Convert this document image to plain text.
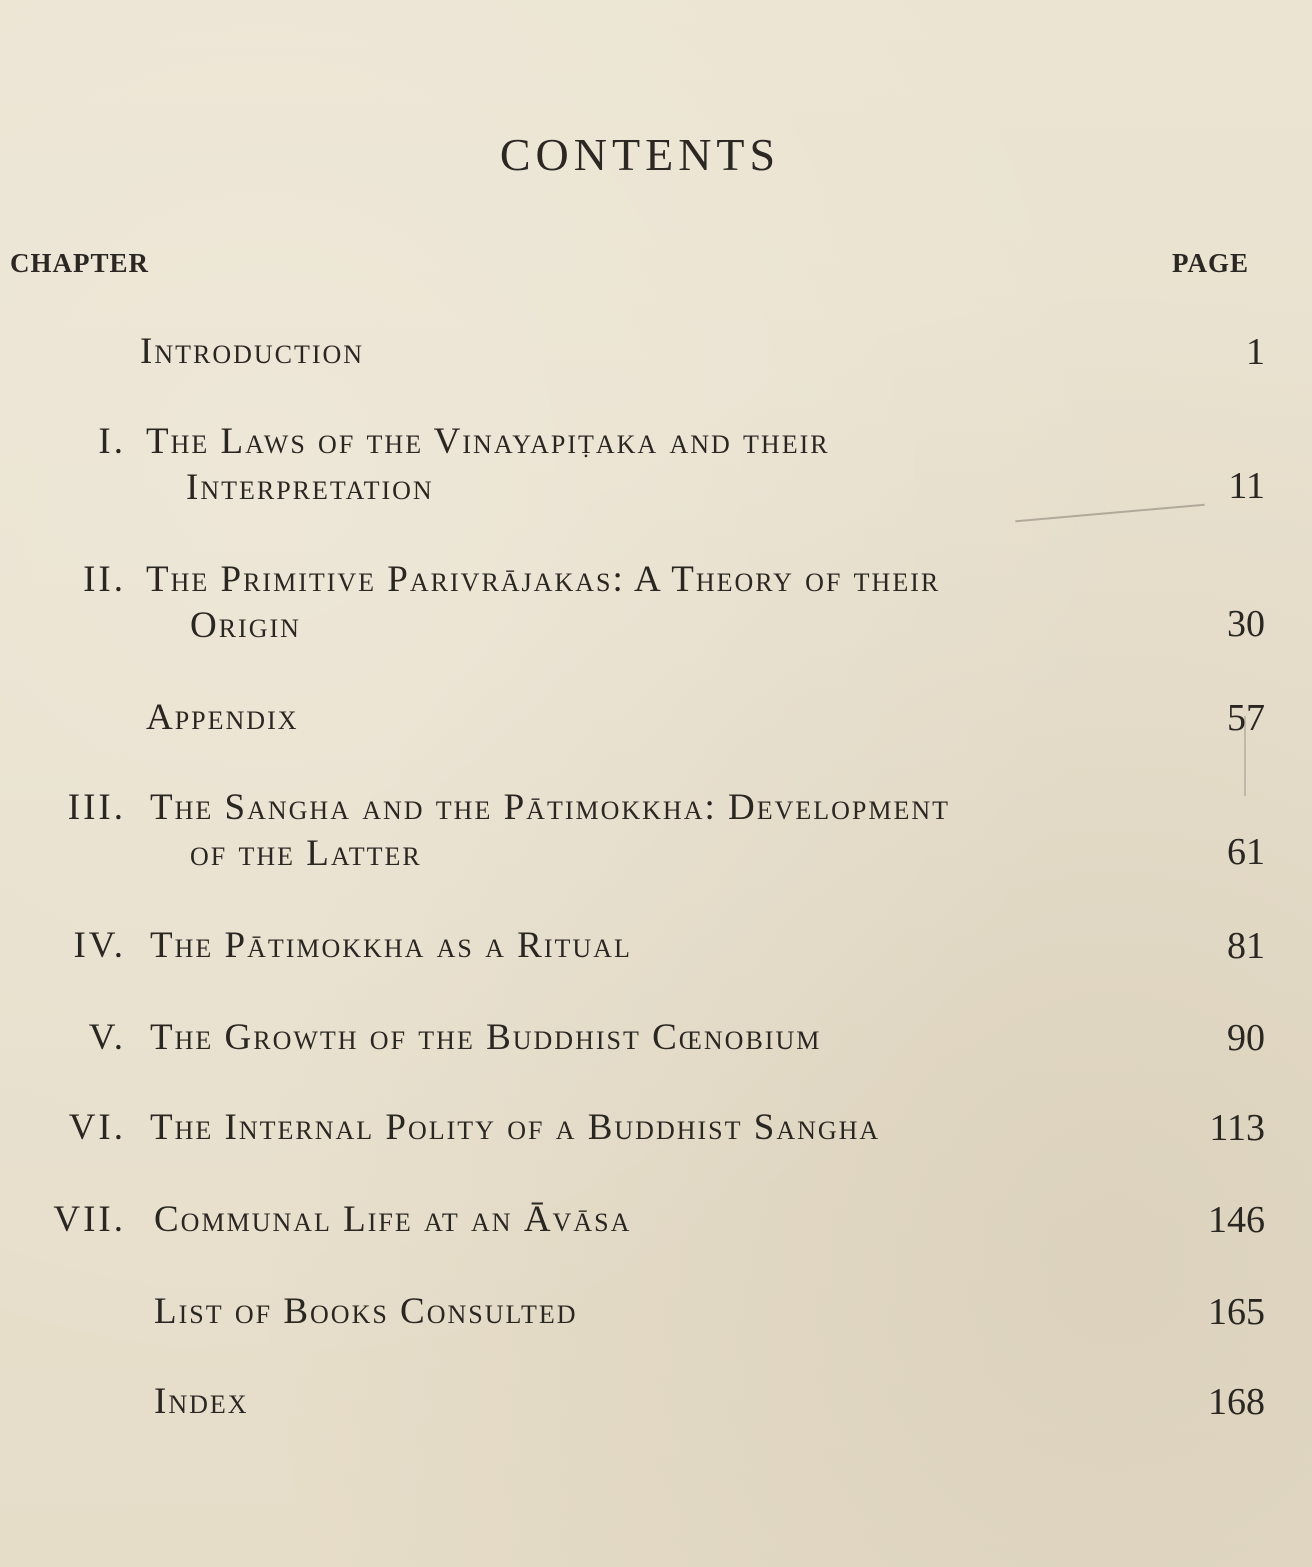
CONTENTS
CHAPTER	PAGE
Introduction	1
I. The Laws of the Vinayapiṭaka and their
Interpretation	11
II. The Primitive Parivrājakas: A Theory of their
Origin	30
Appendix	57
III. The Sangha and the Pātimokkha: Development
of the Latter	61
IV. The Pātimokkha as a Ritual	81
V. The Growth of the Buddhist Cœnobium	90
VI. The Internal Polity of a Buddhist Sangha	113
VII. Communal Life at an Āvāsa	146
List of Books Consulted	165
Index	168
